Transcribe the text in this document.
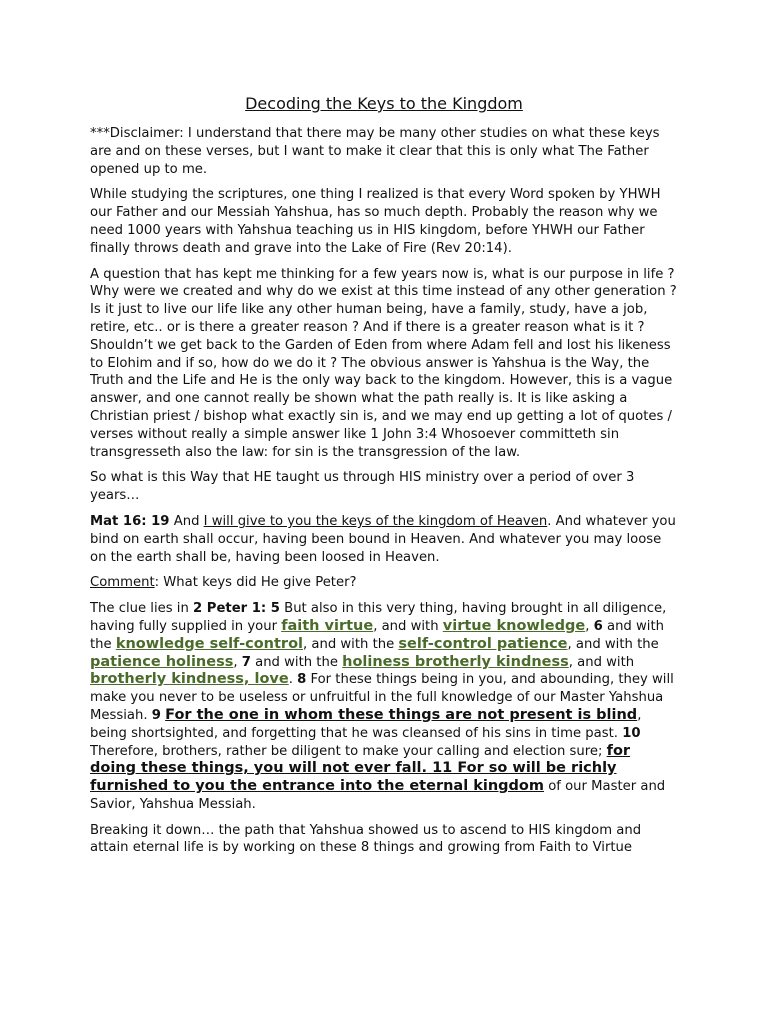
Decoding the Keys to the Kingdom

***Disclaimer: I understand that there may be many other studies on what these keys are and on these verses, but I want to make it clear that this is only what The Father opened up to me.

While studying the scriptures, one thing I realized is that every Word spoken by YHWH our Father and our Messiah Yahshua, has so much depth. Probably the reason why we need 1000 years with Yahshua teaching us in HIS kingdom, before YHWH our Father finally throws death and grave into the Lake of Fire (Rev 20:14).

A question that has kept me thinking for a few years now is, what is our purpose in life ? Why were we created and why do we exist at this time instead of any other generation ? Is it just to live our life like any other human being, have a family, study, have a job, retire, etc.. or is there a greater reason ? And if there is a greater reason what is it ? Shouldn’t we get back to the Garden of Eden from where Adam fell and lost his likeness to Elohim and if so, how do we do it ? The obvious answer is Yahshua is the Way, the Truth and the Life and He is the only way back to the kingdom. However, this is a vague answer, and one cannot really be shown what the path really is. It is like asking a Christian priest / bishop what exactly sin is, and we may end up getting a lot of quotes / verses without really a simple answer like 1 John 3:4 Whosoever committeth sin transgresseth also the law: for sin is the transgression of the law.

So what is this Way that HE taught us through HIS ministry over a period of over 3 years…

Mat 16: 19 And I will give to you the keys of the kingdom of Heaven. And whatever you bind on earth shall occur, having been bound in Heaven. And whatever you may loose on the earth shall be, having been loosed in Heaven.

Comment: What keys did He give Peter?

The clue lies in 2 Peter 1: 5 But also in this very thing, having brought in all diligence, having fully supplied in your faith virtue, and with virtue knowledge, 6 and with the knowledge self-control, and with the self-control patience, and with the patience holiness, 7 and with the holiness brotherly kindness, and with brotherly kindness, love. 8 For these things being in you, and abounding, they will make you never to be useless or unfruitful in the full knowledge of our Master Yahshua Messiah. 9 For the one in whom these things are not present is blind, being shortsighted, and forgetting that he was cleansed of his sins in time past. 10 Therefore, brothers, rather be diligent to make your calling and election sure; for doing these things, you will not ever fall. 11 For so will be richly furnished to you the entrance into the eternal kingdom of our Master and Savior, Yahshua Messiah.

Breaking it down… the path that Yahshua showed us to ascend to HIS kingdom and attain eternal life is by working on these 8 things and growing from Faith to Virtue
